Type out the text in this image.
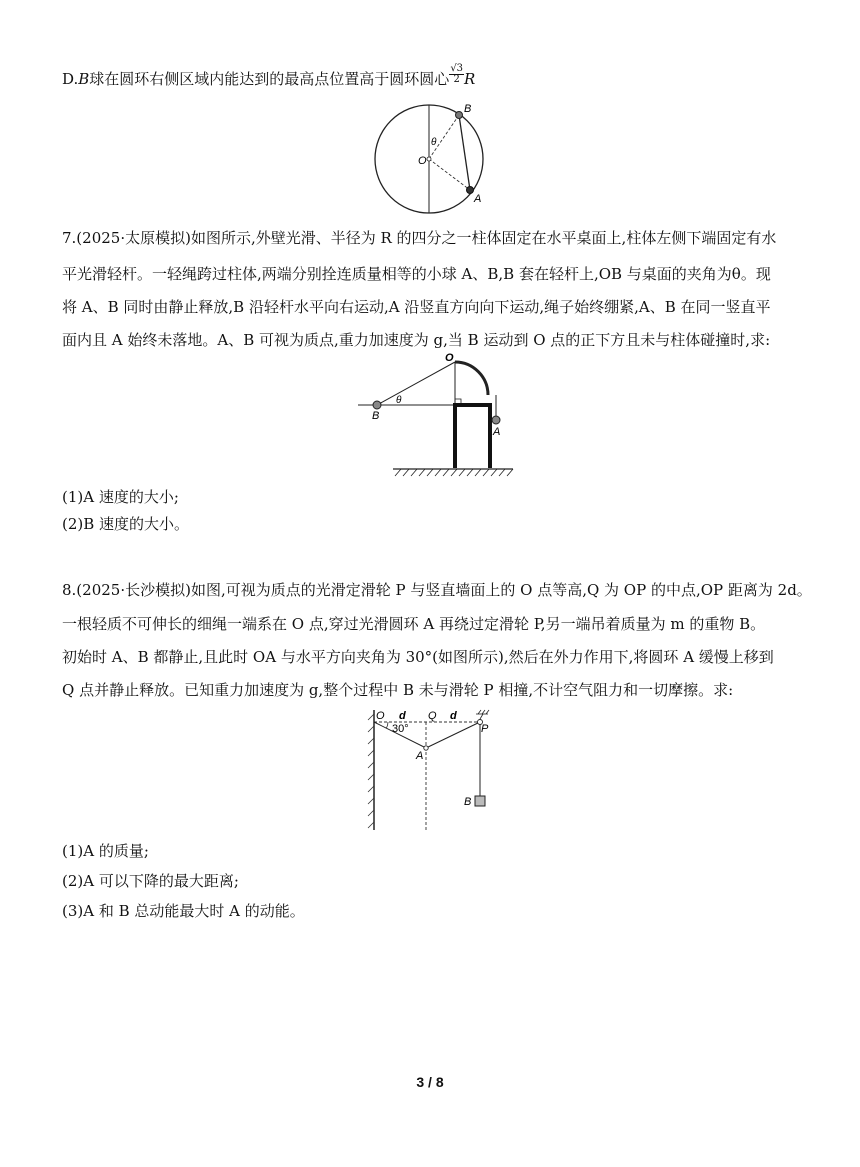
D.B球在圆环右侧区域内能达到的最高点位置高于圆环圆心 $\frac{√3}{2}$ R
B
θ
O
A
7.(2025·太原模拟)如图所示,外壁光滑、半径为 R 的四分之一柱体固定在水平桌面上,柱体左侧下端固定有水
平光滑轻杆。一轻绳跨过柱体,两端分别拴连质量相等的小球 A、B,B 套在轻杆上,OB 与桌面的夹角为θ。现
将 A、B 同时由静止释放,B 沿轻杆水平向右运动,A 沿竖直方向向下运动,绳子始终绷紧,A、B 在同一竖直平
面内且 A 始终未落地。A、B 可视为质点,重力加速度为 g,当 B 运动到 O 点的正下方且未与柱体碰撞时,求:
O
θ
B
A
(1)A 速度的大小;
(2)B 速度的大小。
8.(2025·长沙模拟)如图,可视为质点的光滑定滑轮 P 与竖直墙面上的 O 点等高,Q 为 OP 的中点,OP 距离为 2d。
一根轻质不可伸长的细绳一端系在 O 点,穿过光滑圆环 A 再绕过定滑轮 P,另一端吊着质量为 m 的重物 B。
初始时 A、B 都静止,且此时 OA 与水平方向夹角为 30°(如图所示),然后在外力作用下,将圆环 A 缓慢上移到
Q 点并静止释放。已知重力加速度为 g,整个过程中 B 未与滑轮 P 相撞,不计空气阻力和一切摩擦。求:
O d Q d
30°	P
A
B
(1)A 的质量;
(2)A 可以下降的最大距离;
(3)A 和 B 总动能最大时 A 的动能。
3 / 8
